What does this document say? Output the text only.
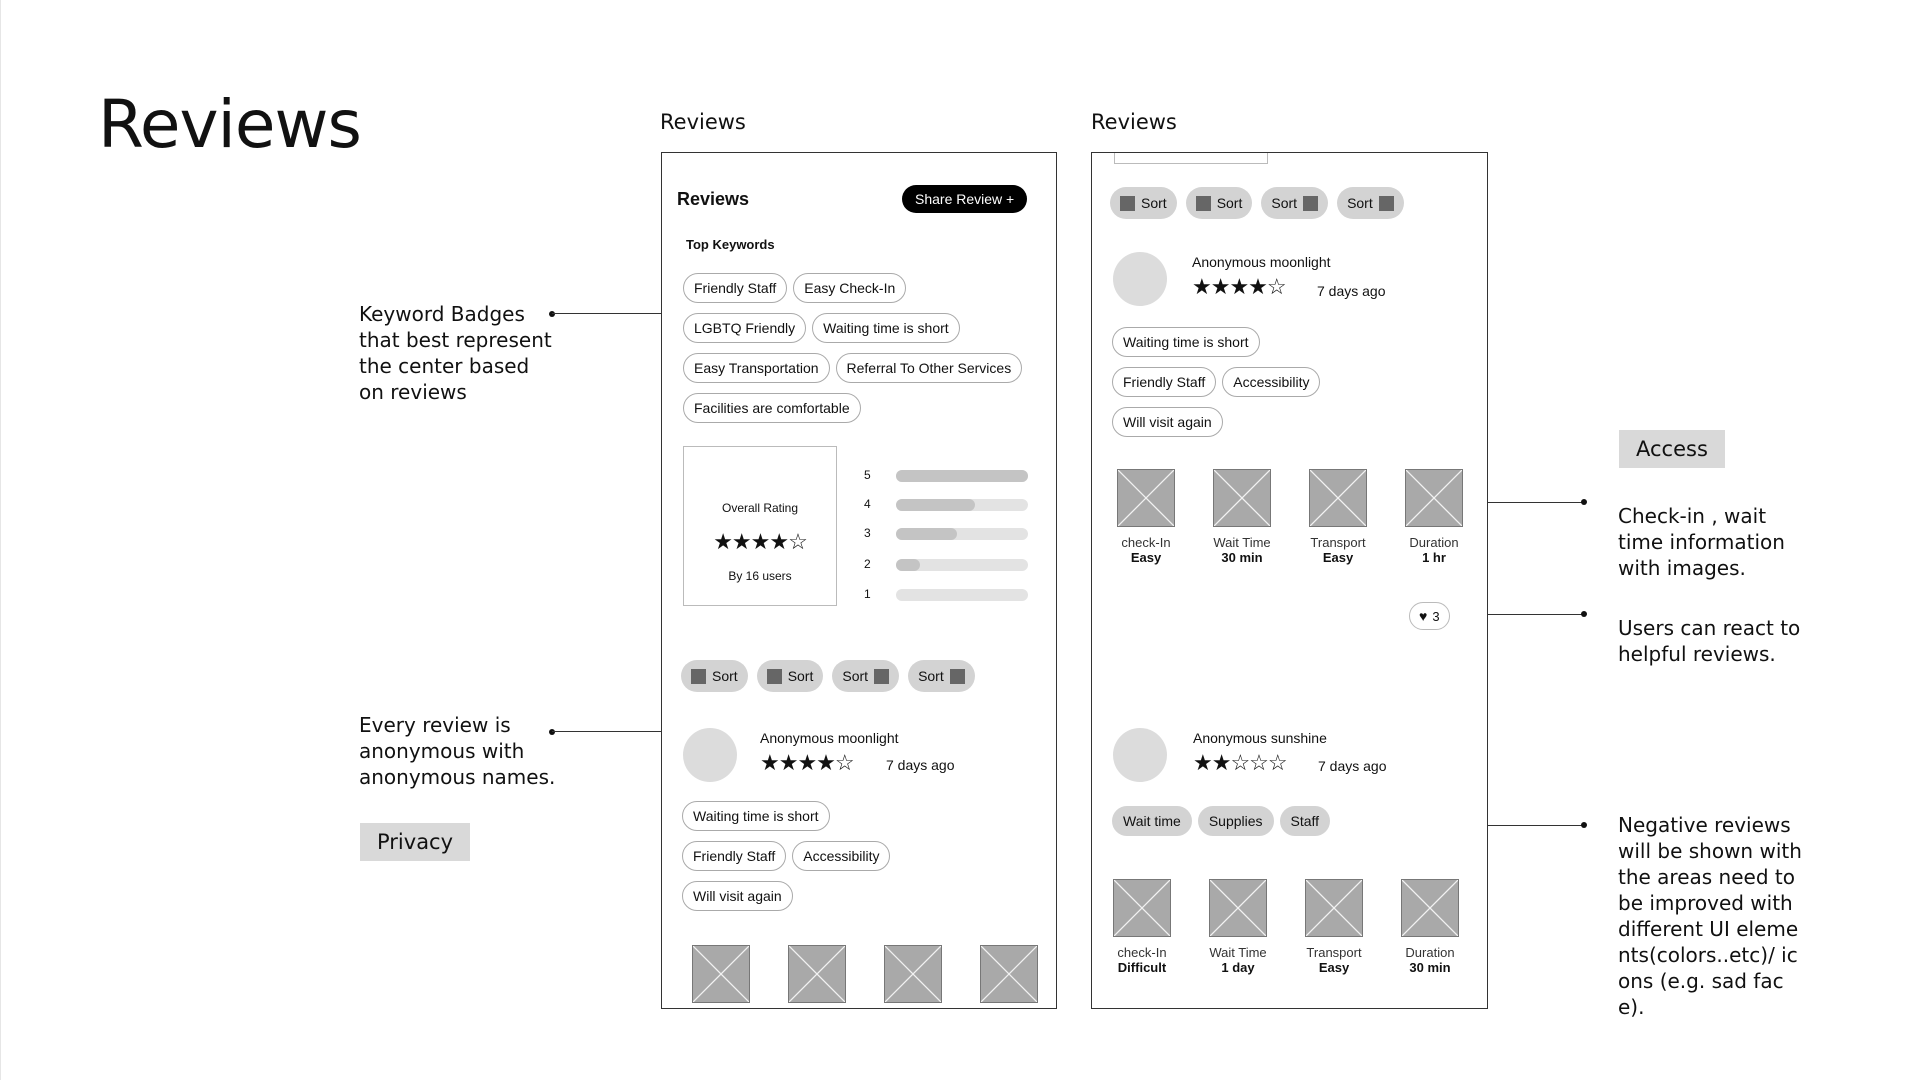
Reviews	Reviews	Reviews
Keyword Badges that best represent the center based on reviews
Every review is anonymous with anonymous names.
Privacy
Access
Check-in , wait time information with images.
Users can react to helpful reviews.
Negative reviews will be shown with the areas need to be improved with different UI elements(colors..etc)/ icons (e.g. sad face).
Reviews	Share Review +
Top Keywords
Friendly Staff Easy Check-In
LGBTQ Friendly Waiting time is short
Easy Transportation Referral To Other Services
Facilities are comfortable
Overall Rating
★★★★☆
By 16 users
5
4
3
2
1
Sort	Sort Sort	Sort
Anonymous moonlight
★★★★☆ 7 days ago
Waiting time is short
Friendly Staff Accessibility
Will visit again
Sort	Sort Sort	Sort
Anonymous moonlight
★★★★☆ 7 days ago
Waiting time is short
Friendly Staff Accessibility
Will visit again
check-In
Easy
Wait Time
30 min
Transport
Easy
Duration
1 hr
♥ 3
Anonymous sunshine
★★☆☆☆ 7 days ago
Wait time Supplies Staff
check-In
Difficult
Wait Time
1 day
Transport
Easy
Duration
30 min
